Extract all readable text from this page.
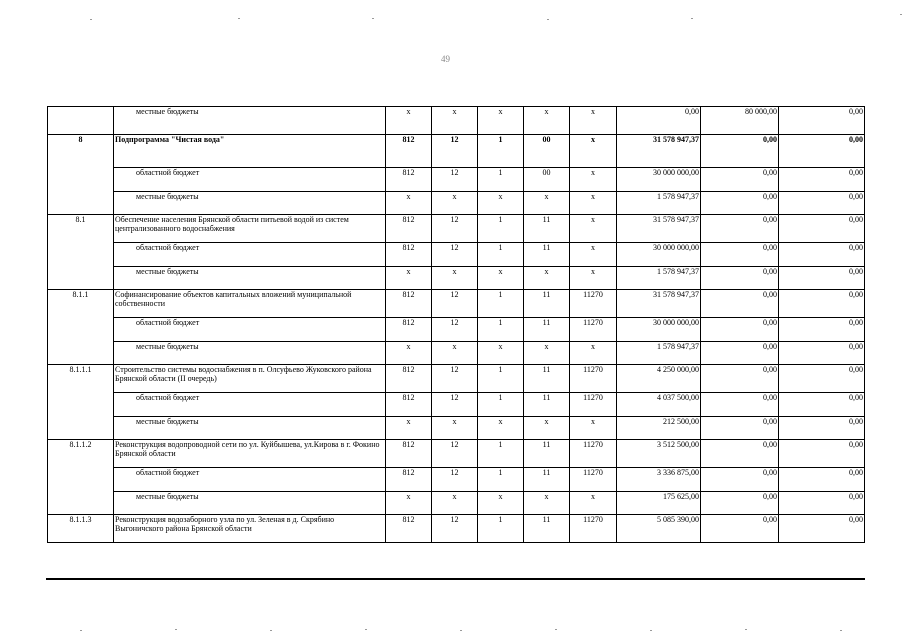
49
	местные бюджеты	x	x	x	x	x	0,00	80 000,00	0,00
8	Подпрограмма "Чистая вода"	812	12	1	00	x	31 578 947,37	0,00	0,00
	областной бюджет	812	12	1	00	x	30 000 000,00	0,00	0,00
	местные бюджеты	x	x	x	x	x	1 578 947,37	0,00	0,00
8.1	Обеспечение населения Брянской области питьевой водой из систем централизованного водоснабжения	812	12	1	11	x	31 578 947,37	0,00	0,00
	областной бюджет	812	12	1	11	x	30 000 000,00	0,00	0,00
	местные бюджеты	x	x	x	x	x	1 578 947,37	0,00	0,00
8.1.1	Софинансирование объектов капитальных вложений муниципальной собственности	812	12	1	11	11270	31 578 947,37	0,00	0,00
	областной бюджет	812	12	1	11	11270	30 000 000,00	0,00	0,00
	местные бюджеты	x	x	x	x	x	1 578 947,37	0,00	0,00
8.1.1.1	Строительство системы водоснабжения в п. Олсуфьево Жуковского района Брянской области (II очередь)	812	12	1	11	11270	4 250 000,00	0,00	0,00
	областной бюджет	812	12	1	11	11270	4 037 500,00	0,00	0,00
	местные бюджеты	x	x	x	x	x	212 500,00	0,00	0,00
8.1.1.2	Реконструкция водопроводной сети по ул. Куйбышева, ул.Кирова в г. Фокино Брянской области	812	12	1	11	11270	3 512 500,00	0,00	0,00
	областной бюджет	812	12	1	11	11270	3 336 875,00	0,00	0,00
	местные бюджеты	x	x	x	x	x	175 625,00	0,00	0,00
8.1.1.3	Реконструкция водозаборного узла по ул. Зеленая в д. Скрябино Выгоничского района Брянской области	812	12	1	11	11270	5 085 390,00	0,00	0,00
